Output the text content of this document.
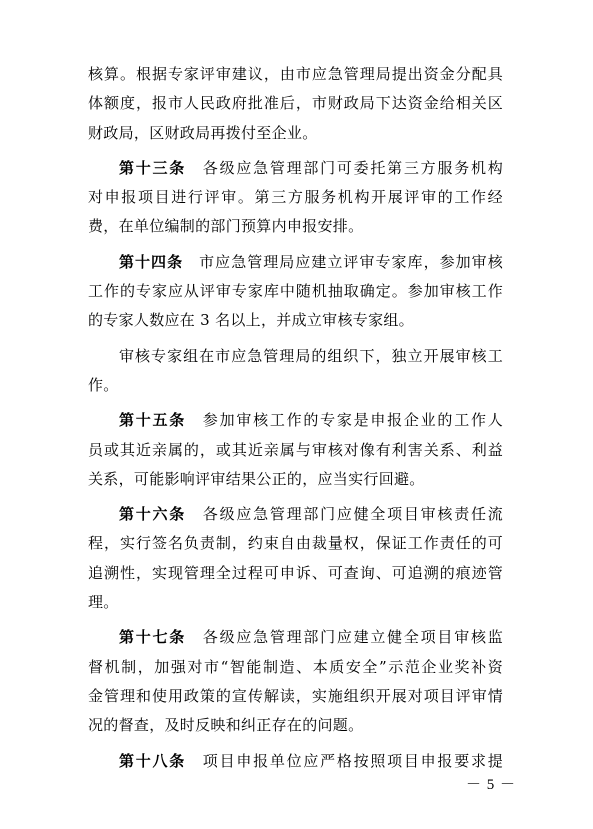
核算。根据专家评审建议，由市应急管理局提出资金分配具
体额度，报市人民政府批准后，市财政局下达资金给相关区
财政局，区财政局再拨付至企业。
第十三条　各级应急管理部门可委托第三方服务机构
对申报项目进行评审。第三方服务机构开展评审的工作经
费，在单位编制的部门预算内申报安排。
第十四条　市应急管理局应建立评审专家库，参加审核
工作的专家应从评审专家库中随机抽取确定。参加审核工作
的专家人数应在 3 名以上，并成立审核专家组。
审核专家组在市应急管理局的组织下，独立开展审核工
作。
第十五条　参加审核工作的专家是申报企业的工作人
员或其近亲属的，或其近亲属与审核对像有利害关系、利益
关系，可能影响评审结果公正的，应当实行回避。
第十六条　各级应急管理部门应健全项目审核责任流
程，实行签名负责制，约束自由裁量权，保证工作责任的可
追溯性，实现管理全过程可申诉、可查询、可追溯的痕迹管
理。
第十七条　各级应急管理部门应建立健全项目审核监
督机制，加强对市“智能制造、本质安全”示范企业奖补资
金管理和使用政策的宣传解读，实施组织开展对项目评审情
况的督查，及时反映和纠正存在的问题。
第十八条　项目申报单位应严格按照项目申报要求提
－ 5 －
